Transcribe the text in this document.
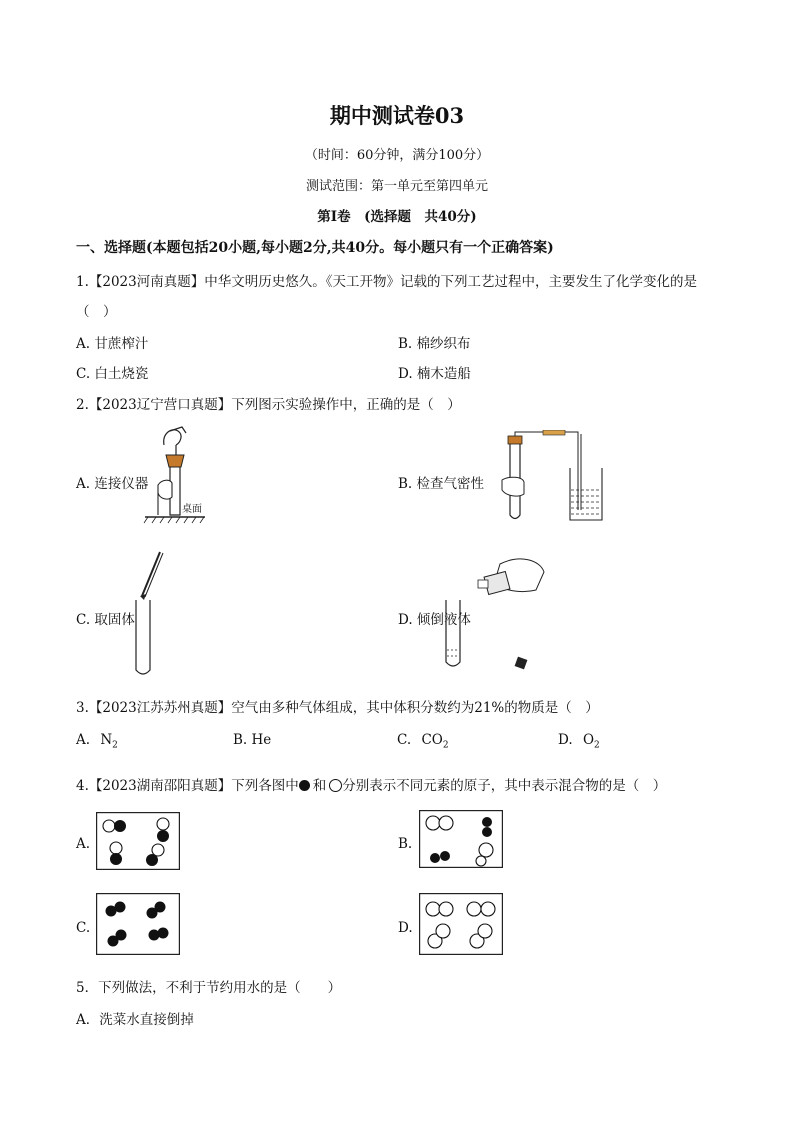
期中测试卷03
（时间：60分钟，满分100分）
测试范围：第一单元至第四单元
第Ⅰ卷　(选择题　共40分)
一、选择题(本题包括20小题,每小题2分,共40分。每小题只有一个正确答案)
1.【2023河南真题】中华文明历史悠久。《天工开物》记载的下列工艺过程中，主要发生了化学变化的是
（　）
A. 甘蔗榨汁	B. 棉纱织布
C. 白土烧瓷	D. 楠木造船
2.【2023辽宁营口真题】下列图示实验操作中，正确的是（　）
A. 连接仪器	B. 检查气密性
C. 取固体	D. 倾倒液体
桌面
3.【2023江苏苏州真题】空气由多种气体组成，其中体积分数约为21%的物质是（　）
A. $N_2$	B. He	C. $CO_2$	D. $O_2$
4.【2023湖南邵阳真题】下列各图中 和 分别表示不同元素的原子，其中表示混合物的是（　）
A.	B.
C.	D.
5．下列做法，不利于节约用水的是（　　）
A．洗菜水直接倒掉
